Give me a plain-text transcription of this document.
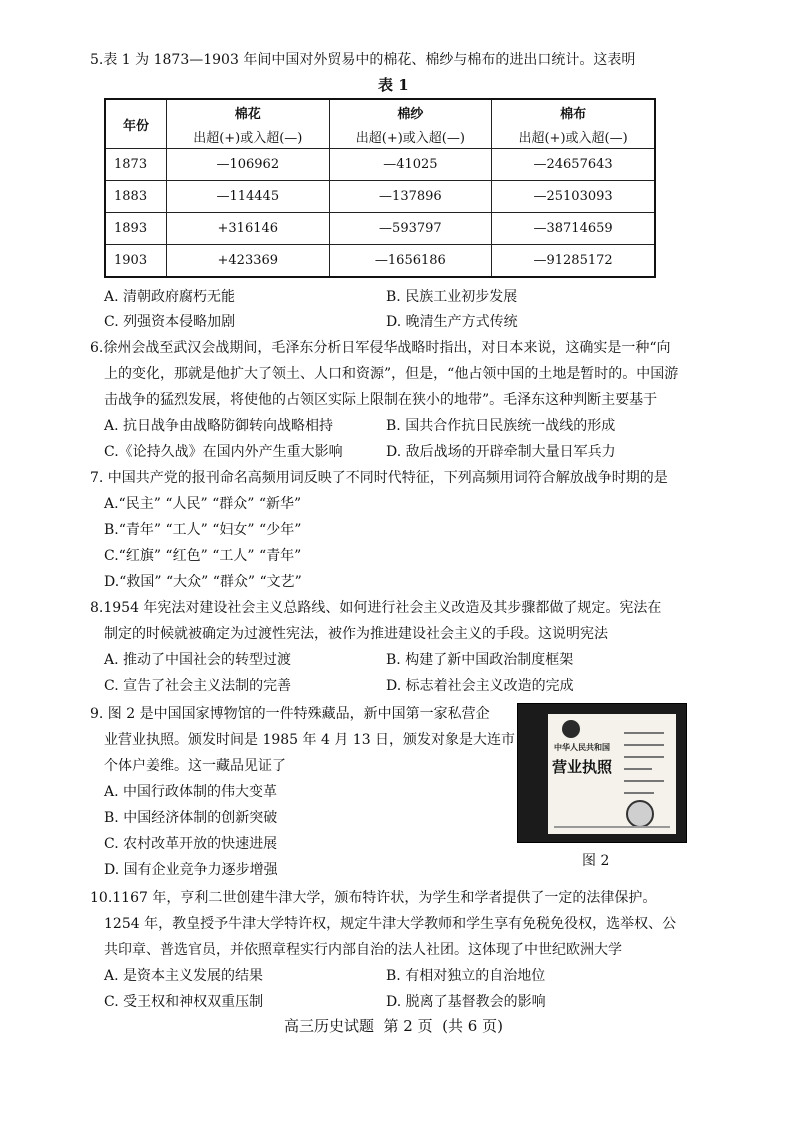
5.表 1 为 1873—1903 年间中国对外贸易中的棉花、棉纱与棉布的进出口统计。这表明
表 1
年份	棉花	棉纱	棉布
	出超(+)或入超(—)	出超(+)或入超(—)	出超(+)或入超(—)
1873	—106962	—41025	—24657643
1883	—114445	—137896	—25103093
1893	+316146	—593797	—38714659
1903	+423369	—1656186	—91285172
A. 清朝政府腐朽无能	B. 民族工业初步发展
C. 列强资本侵略加剧	D. 晚清生产方式传统
6.徐州会战至武汉会战期间，毛泽东分析日军侵华战略时指出，对日本来说，这确实是一种“向
上的变化，那就是他扩大了领土、人口和资源”，但是，“他占领中国的土地是暂时的。中国游
击战争的猛烈发展，将使他的占领区实际上限制在狭小的地带”。毛泽东这种判断主要基于
A. 抗日战争由战略防御转向战略相持	B. 国共合作抗日民族统一战线的形成
C.《论持久战》在国内外产生重大影响	D. 敌后战场的开辟牵制大量日军兵力
7. 中国共产党的报刊命名高频用词反映了不同时代特征，下列高频用词符合解放战争时期的是
A.“民主” “人民” “群众” “新华”
B.“青年” “工人” “妇女” “少年”
C.“红旗” “红色” “工人” “青年”
D.“救国” “大众” “群众” “文艺”
8.1954 年宪法对建设社会主义总路线、如何进行社会主义改造及其步骤都做了规定。宪法在
制定的时候就被确定为过渡性宪法，被作为推进建设社会主义的手段。这说明宪法
A. 推动了中国社会的转型过渡	B. 构建了新中国政治制度框架
C. 宣告了社会主义法制的完善	D. 标志着社会主义改造的完成
9. 图 2 是中国国家博物馆的一件特殊藏品，新中国第一家私营企
业营业执照。颁发时间是 1985 年 4 月 13 日，颁发对象是大连市
个体户姜维。这一藏品见证了
A. 中国行政体制的伟大变革
B. 中国经济体制的创新突破
C. 农村改革开放的快速进展
D. 国有企业竞争力逐步增强
中华人民共和国
营业执照
图 2
10.1167 年，亨利二世创建牛津大学，颁布特许状，为学生和学者提供了一定的法律保护。
1254 年，教皇授予牛津大学特许权，规定牛津大学教师和学生享有免税免役权，选举权、公
共印章、普选官员，并依照章程实行内部自治的法人社团。这体现了中世纪欧洲大学
A. 是资本主义发展的结果	B. 有相对独立的自治地位
C. 受王权和神权双重压制	D. 脱离了基督教会的影响
高三历史试题  第 2 页  (共 6 页)
